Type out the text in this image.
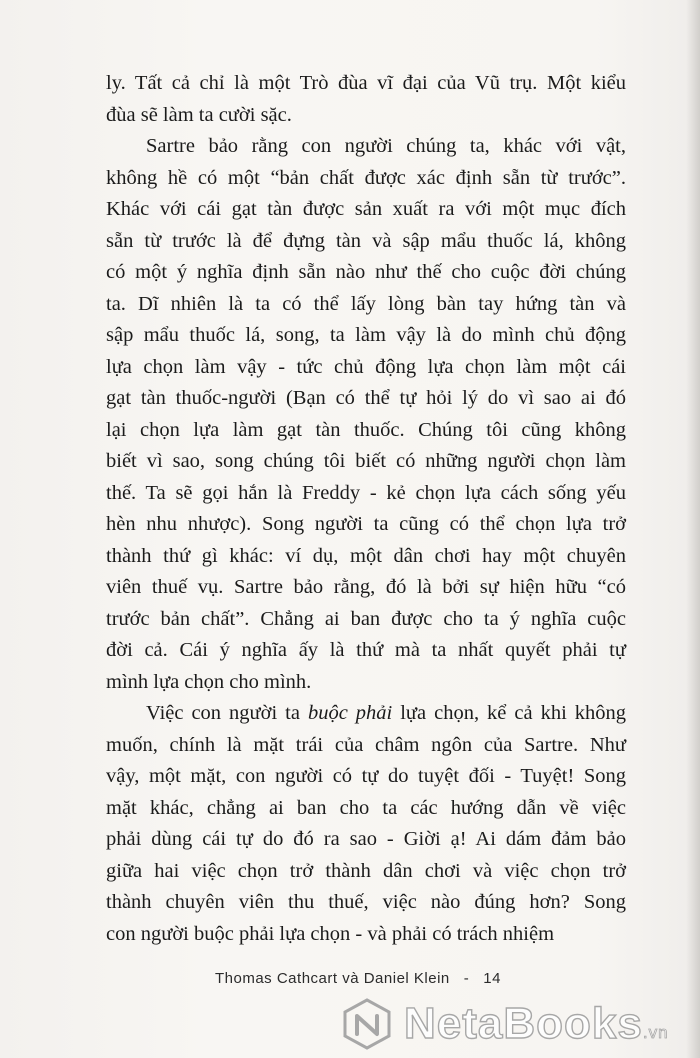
ly. Tất cả chỉ là một Trò đùa vĩ đại của Vũ trụ. Một kiểu
đùa sẽ làm ta cười sặc.

Sartre bảo rằng con người chúng ta, khác với vật,
không hề có một “bản chất được xác định sẵn từ trước”.
Khác với cái gạt tàn được sản xuất ra với một mục đích
sẵn từ trước là để đựng tàn và sập mẩu thuốc lá, không
có một ý nghĩa định sẵn nào như thế cho cuộc đời chúng
ta. Dĩ nhiên là ta có thể lấy lòng bàn tay hứng tàn và
sập mẩu thuốc lá, song, ta làm vậy là do mình chủ động
lựa chọn làm vậy - tức chủ động lựa chọn làm một cái
gạt tàn thuốc-người (Bạn có thể tự hỏi lý do vì sao ai đó
lại chọn lựa làm gạt tàn thuốc. Chúng tôi cũng không
biết vì sao, song chúng tôi biết có những người chọn làm
thế. Ta sẽ gọi hắn là Freddy - kẻ chọn lựa cách sống yếu
hèn nhu nhược). Song người ta cũng có thể chọn lựa trở
thành thứ gì khác: ví dụ, một dân chơi hay một chuyên
viên thuế vụ. Sartre bảo rằng, đó là bởi sự hiện hữu “có
trước bản chất”. Chẳng ai ban được cho ta ý nghĩa cuộc
đời cả. Cái ý nghĩa ấy là thứ mà ta nhất quyết phải tự
mình lựa chọn cho mình.

Việc con người ta buộc phải lựa chọn, kể cả khi không
muốn, chính là mặt trái của châm ngôn của Sartre. Như
vậy, một mặt, con người có tự do tuyệt đối - Tuyệt! Song
mặt khác, chẳng ai ban cho ta các hướng dẫn về việc
phải dùng cái tự do đó ra sao - Giời ạ! Ai dám đảm bảo
giữa hai việc chọn trở thành dân chơi và việc chọn trở
thành chuyên viên thu thuế, việc nào đúng hơn? Song
con người buộc phải lựa chọn - và phải có trách nhiệm

Thomas Cathcart và Daniel Klein - 14
NetaBooks.vn
